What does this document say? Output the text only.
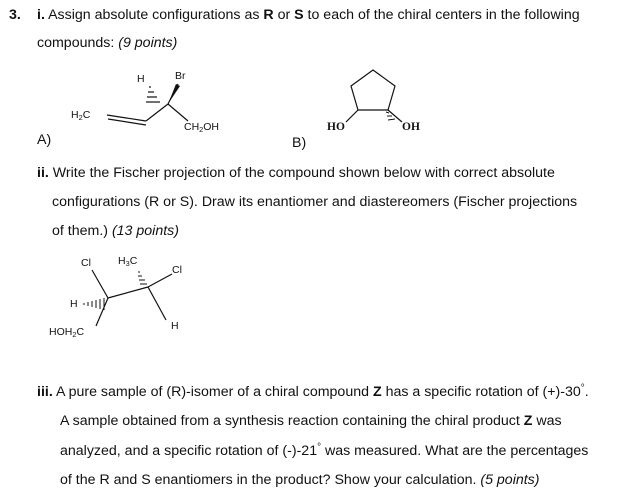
3. i. Assign absolute configurations as R or S to each of the chiral centers in the following
compounds: (9 points)
H	Br
$H_2C$
$CH_2OH$
A)
HO	OH
B)
ii. Write the Fischer projection of the compound shown below with correct absolute
configurations (R or S). Draw its enantiomer and diastereomers (Fischer projections
of them.) (13 points)
Cl	$H_3C$
Cl
H
H
$HOH_2C$
iii. A pure sample of (R)-isomer of a chiral compound Z has a specific rotation of (+)-30°.
A sample obtained from a synthesis reaction containing the chiral product Z was
analyzed, and a specific rotation of (-)-21° was measured. What are the percentages
of the R and S enantiomers in the product? Show your calculation. (5 points)
